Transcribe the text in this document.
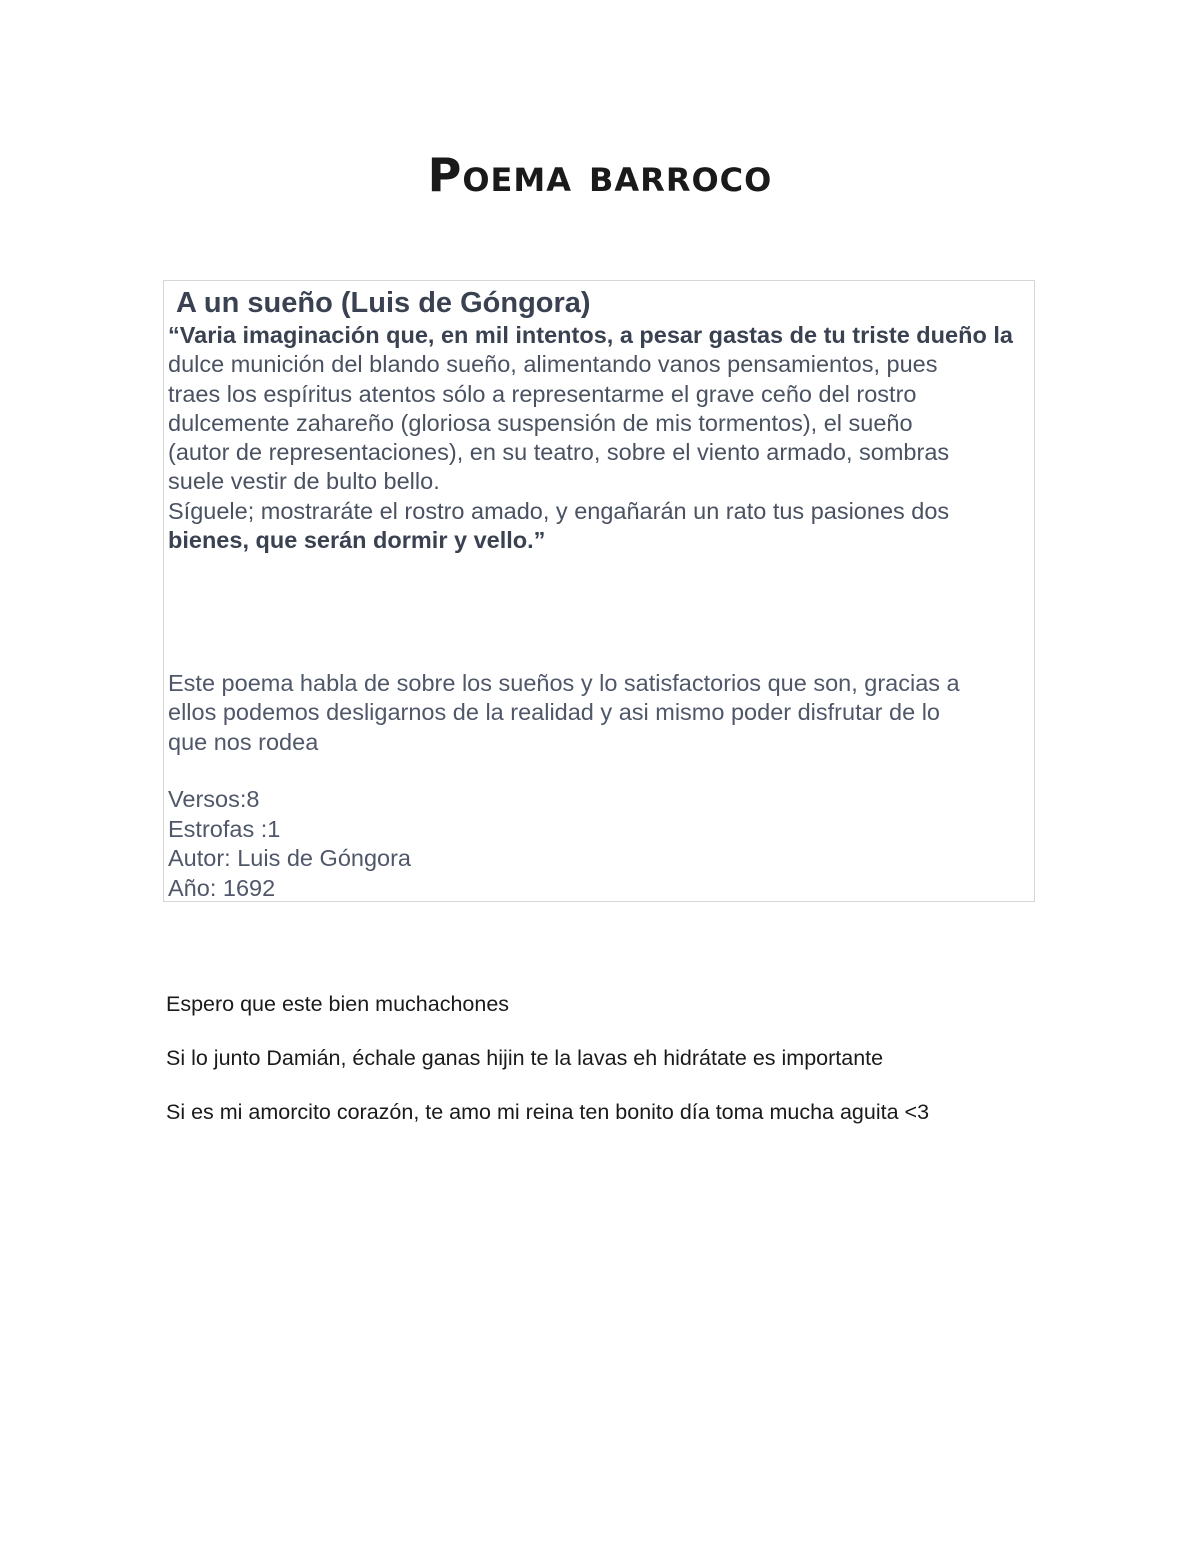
Poema barroco
A un sueño (Luis de Góngora)
“Varia imaginación que, en mil intentos, a pesar gastas de tu triste dueño la
dulce munición del blando sueño, alimentando vanos pensamientos, pues
traes los espíritus atentos sólo a representarme el grave ceño del rostro
dulcemente zahareño (gloriosa suspensión de mis tormentos), el sueño
(autor de representaciones), en su teatro, sobre el viento armado, sombras
suele vestir de bulto bello.
Síguele; mostraráte el rostro amado, y engañarán un rato tus pasiones dos
bienes, que serán dormir y vello.”
Este poema habla de sobre los sueños y lo satisfactorios que son, gracias a
ellos podemos desligarnos de la realidad y asi mismo poder disfrutar de lo
que nos rodea
Versos:8
Estrofas :1
Autor: Luis de Góngora
Año: 1692

Espero que este bien muchachones

Si lo junto Damián, échale ganas hijin te la lavas eh hidrátate es importante

Si es mi amorcito corazón, te amo mi reina ten bonito día toma mucha aguita <3
